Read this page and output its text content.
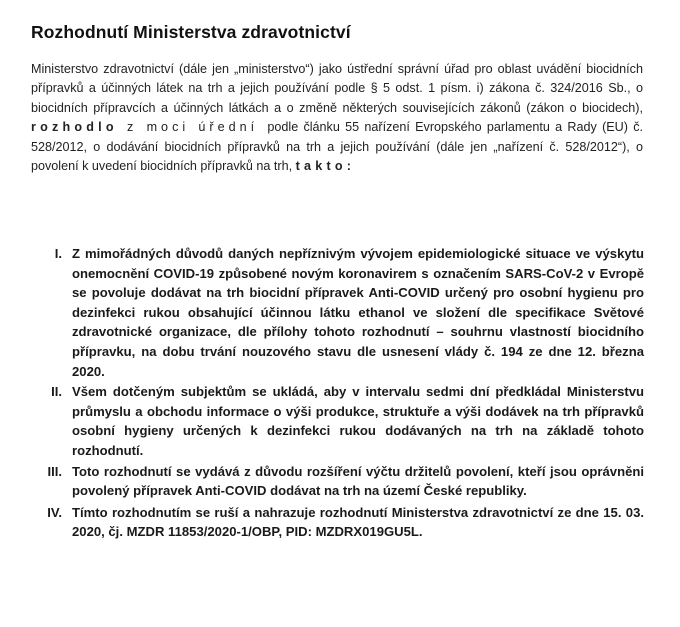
Rozhodnutí Ministerstva zdravotnictví

Ministerstvo zdravotnictví (dále jen „ministerstvo“) jako ústřední správní úřad pro oblast uvádění biocidních přípravků a účinných látek na trh a jejich používání podle § 5 odst. 1 písm. i) zákona č. 324/2016 Sb., o biocidních přípravcích a účinných látkách a o změně některých souvisejících zákonů (zákon o biocidech), rozhodlo z moci úřední podle článku 55 nařízení Evropského parlamentu a Rady (EU) č. 528/2012, o dodávání biocidních přípravků na trh a jejich používání (dále jen „nařízení č. 528/2012“), o povolení k uvedení biocidních přípravků na trh, takto:

I. Z mimořádných důvodů daných nepříznivým vývojem epidemiologické situace ve výskytu onemocnění COVID-19 způsobené novým koronavirem s označením SARS-CoV-2 v Evropě se povoluje dodávat na trh biocidní přípravek Anti-COVID určený pro osobní hygienu pro dezinfekci rukou obsahující účinnou látku ethanol ve složení dle specifikace Světové zdravotnické organizace, dle přílohy tohoto rozhodnutí – souhrnu vlastností biocidního přípravku, na dobu trvání nouzového stavu dle usnesení vlády č. 194 ze dne 12. března 2020.
II. Všem dotčeným subjektům se ukládá, aby v intervalu sedmi dní předkládal Ministerstvu průmyslu a obchodu informace o výši produkce, struktuře a výši dodávek na trh přípravků osobní hygieny určených k dezinfekci rukou dodávaných na trh na základě tohoto rozhodnutí.
III. Toto rozhodnutí se vydává z důvodu rozšíření výčtu držitelů povolení, kteří jsou oprávněni povolený přípravek Anti-COVID dodávat na trh na území České republiky.
IV. Tímto rozhodnutím se ruší a nahrazuje rozhodnutí Ministerstva zdravotnictví ze dne 15. 03. 2020, čj. MZDR 11853/2020-1/OBP, PID: MZDRX019GU5L.
